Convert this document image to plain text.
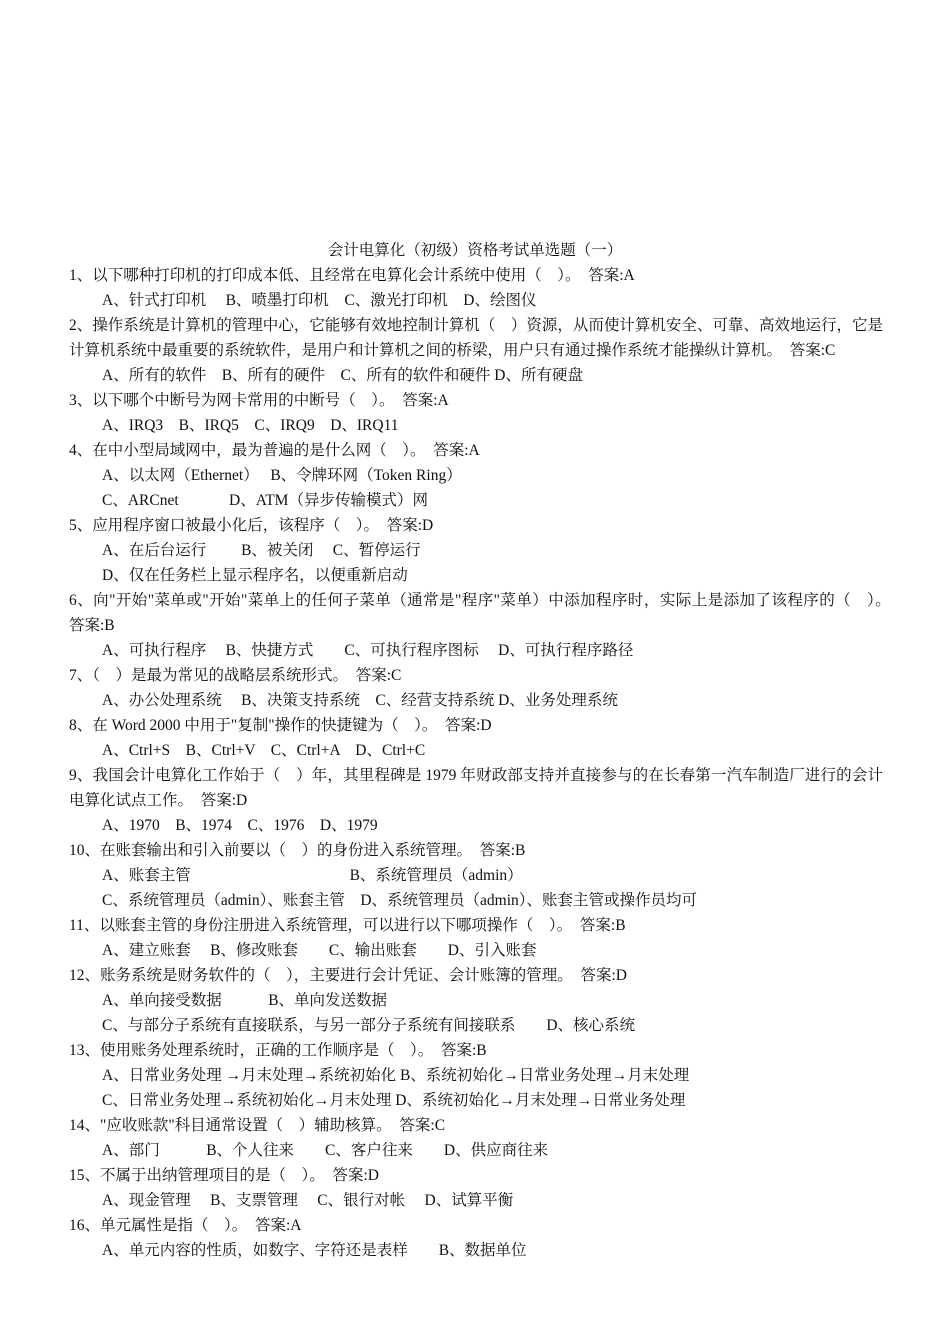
会计电算化（初级）资格考试单选题（一）
1、以下哪种打印机的打印成本低、且经常在电算化会计系统中使用（　）。　答案:A
A、针式打印机　 B、喷墨打印机　C、激光打印机　D、绘图仪
2、操作系统是计算机的管理中心，它能够有效地控制计算机（　）资源，从而使计算机安全、可靠、高效地运行，它是计算机系统中最重要的系统软件，是用户和计算机之间的桥梁，用户只有通过操作系统才能操纵计算机。　答案:C
A、所有的软件　B、所有的硬件　C、所有的软件和硬件 D、所有硬盘
3、以下哪个中断号为网卡常用的中断号（　）。　答案:A
A、IRQ3　B、IRQ5　C、IRQ9　D、IRQ11
4、在中小型局域网中，最为普遍的是什么网（　）。　答案:A
A、以太网（Ethernet）　 B、令牌环网（Token Ring）
C、ARCnet　　　 D、ATM（异步传输模式）网
5、应用程序窗口被最小化后，该程序（　）。　答案:D
A、在后台运行　　 B、被关闭　 C、暂停运行
D、仅在任务栏上显示程序名，以便重新启动
6、向"开始"菜单或"开始"菜单上的任何子菜单（通常是"程序"菜单）中添加程序时，实际上是添加了该程序的（　）。　答案:B
A、可执行程序　 B、快捷方式　　C、可执行程序图标　 D、可执行程序路径
7、（　）是最为常见的战略层系统形式。　答案:C
A、办公处理系统　 B、决策支持系统　C、经营支持系统 D、业务处理系统
8、在 Word 2000 中用于"复制"操作的快捷键为（　）。　答案:D
A、Ctrl+S　B、Ctrl+V　C、Ctrl+A　D、Ctrl+C
9、我国会计电算化工作始于（　）年，其里程碑是 1979 年财政部支持并直接参与的在长春第一汽车制造厂进行的会计电算化试点工作。　答案:D
A、1970　B、1974　C、1976　D、1979
10、在账套输出和引入前要以（　）的身份进入系统管理。　答案:B
A、账套主管　　　　　　　　　　 B、系统管理员（admin）
C、系统管理员（admin）、账套主管　D、系统管理员（admin）、账套主管或操作员均可
11、以账套主管的身份注册进入系统管理，可以进行以下哪项操作（　）。　答案:B
A、建立账套　 B、修改账套　　C、输出账套　　D、引入账套
12、账务系统是财务软件的（　），主要进行会计凭证、会计账簿的管理。　答案:D
A、单向接受数据　　　B、单向发送数据
C、与部分子系统有直接联系，与另一部分子系统有间接联系　　D、核心系统
13、使用账务处理系统时，正确的工作顺序是（　）。　答案:B
A、日常业务处理 →月末处理→系统初始化 B、系统初始化→日常业务处理→月末处理
C、日常业务处理→系统初始化→月末处理 D、系统初始化→月末处理→日常业务处理
14、"应收账款"科目通常设置（　）辅助核算。　答案:C
A、部门　　　B、个人往来　　C、客户往来　　D、供应商往来
15、不属于出纳管理项目的是（　）。　答案:D
A、现金管理　 B、支票管理　 C、银行对帐　 D、试算平衡
16、单元属性是指（　）。　答案:A
A、单元内容的性质，如数字、字符还是表样　　B、数据单位
